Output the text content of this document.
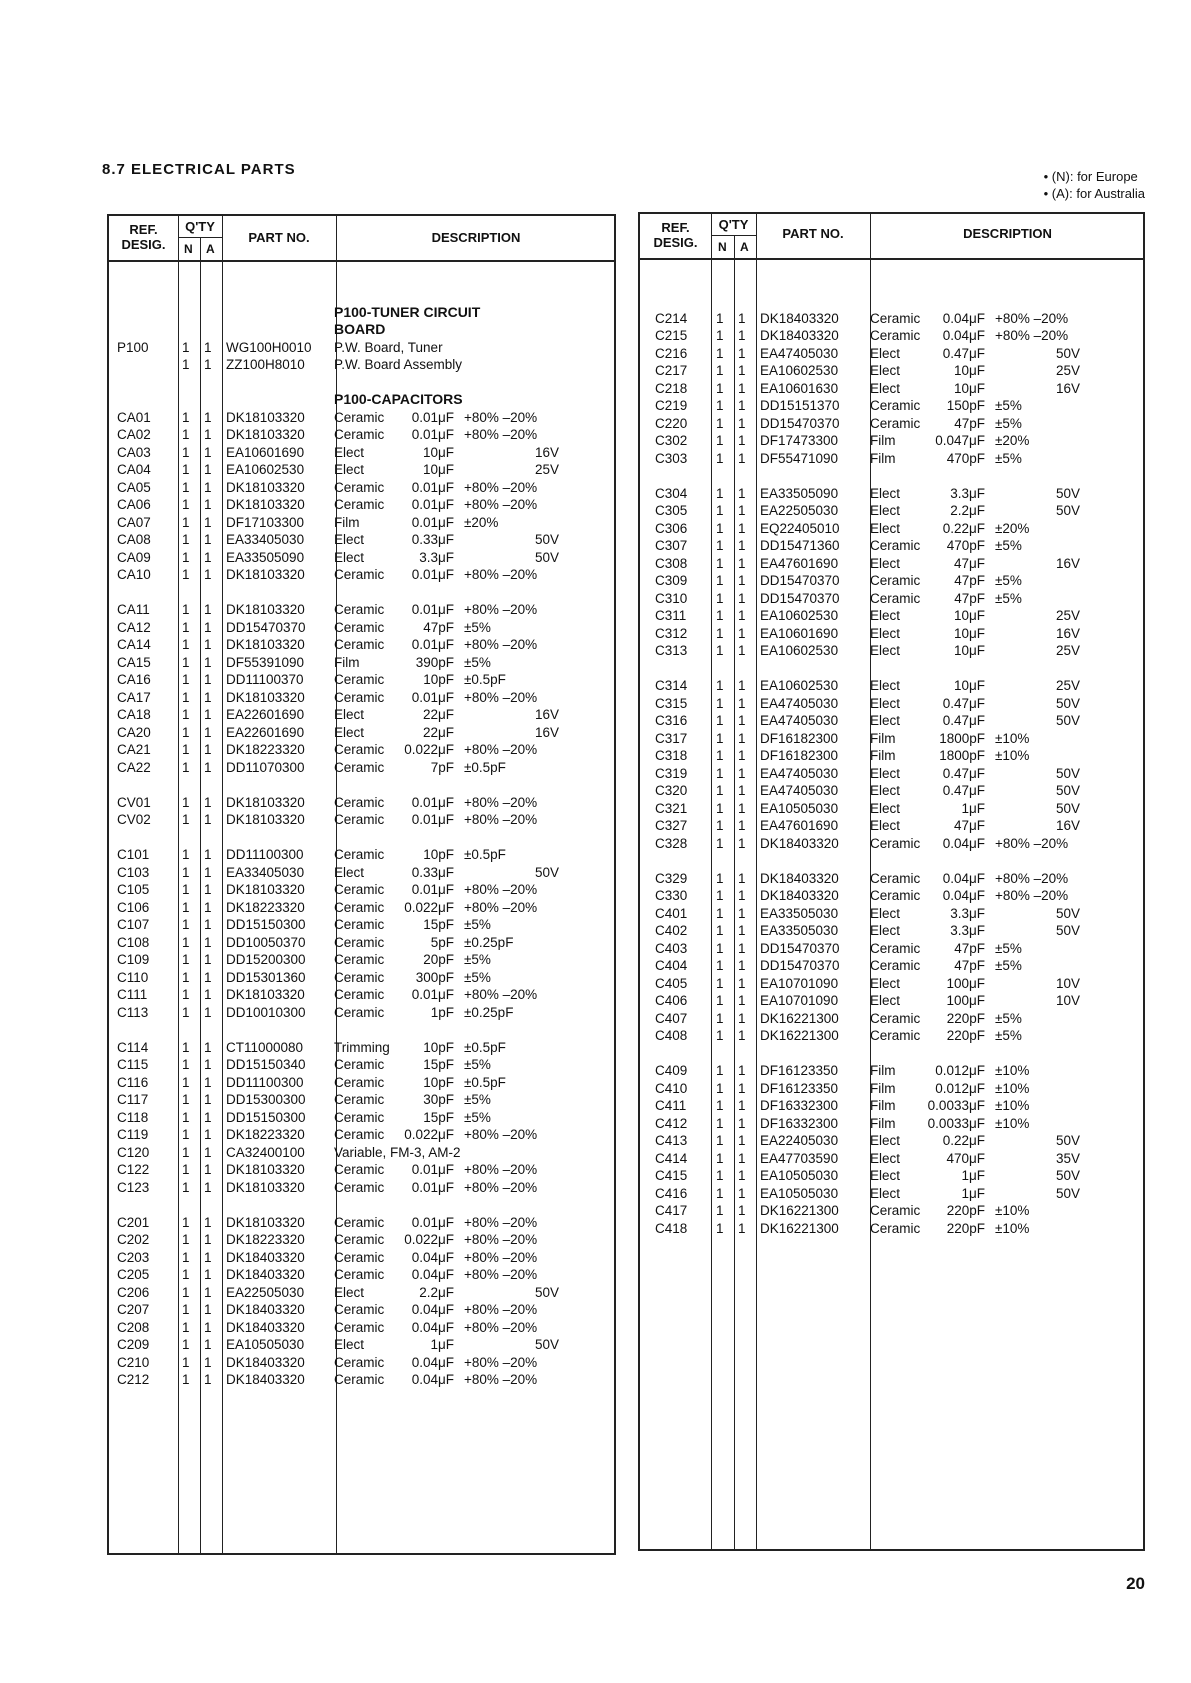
8.7 ELECTRICAL PARTS	• (N): for Europe
• (A): for Australia
REF.
DESIG.
Q'TY
N A
PART NO.	DESCRIPTION
P100-TUNER CIRCUIT
BOARD
P100 1 1 WG100H0010 P.W. Board, Tuner
1 1 ZZ100H8010 P.W. Board Assembly
P100-CAPACITORS
CA01 1 1 DK18103320 Ceramic 0.01μF +80% –20%
CA02 1 1 DK18103320 Ceramic 0.01μF +80% –20%
CA03 1 1 EA10601690 Elect	10μF	16V
CA04 1 1 EA10602530 Elect	10μF	25V
CA05 1 1 DK18103320 Ceramic 0.01μF +80% –20%
CA06 1 1 DK18103320 Ceramic 0.01μF +80% –20%
CA07 1 1 DF17103300 Film	0.01μF ±20%
CA08 1 1 EA33405030 Elect	0.33μF	50V
CA09 1 1 EA33505090 Elect	3.3μF	50V
CA10 1 1 DK18103320 Ceramic 0.01μF +80% –20%
CA11 1 1 DK18103320 Ceramic 0.01μF +80% –20%
CA12 1 1 DD15470370 Ceramic	47pF ±5%
CA14 1 1 DK18103320 Ceramic 0.01μF +80% –20%
CA15 1 1 DF55391090 Film	390pF ±5%
CA16 1 1 DD11100370 Ceramic	10pF ±0.5pF
CA17 1 1 DK18103320 Ceramic 0.01μF +80% –20%
CA18 1 1 EA22601690 Elect	22μF	16V
CA20 1 1 EA22601690 Elect	22μF	16V
CA21 1 1 DK18223320 Ceramic 0.022μF +80% –20%
CA22 1 1 DD11070300 Ceramic	7pF ±0.5pF
CV01 1 1 DK18103320 Ceramic 0.01μF +80% –20%
CV02 1 1 DK18103320 Ceramic 0.01μF +80% –20%
C101 1 1 DD11100300 Ceramic	10pF ±0.5pF
C103 1 1 EA33405030 Elect	0.33μF	50V
C105 1 1 DK18103320 Ceramic 0.01μF +80% –20%
C106 1 1 DK18223320 Ceramic 0.022μF +80% –20%
C107 1 1 DD15150300 Ceramic	15pF ±5%
C108 1 1 DD10050370 Ceramic	5pF ±0.25pF
C109 1 1 DD15200300 Ceramic	20pF ±5%
C110 1 1 DD15301360 Ceramic 300pF ±5%
C111	1 1 DK18103320 Ceramic 0.01μF +80% –20%
C113 1 1 DD10010300 Ceramic	1pF ±0.25pF
C114 1 1 CT11000080 Trimming 10pF ±0.5pF
C115 1 1 DD15150340 Ceramic	15pF ±5%
C116 1 1 DD11100300 Ceramic	10pF ±0.5pF
C117 1 1 DD15300300 Ceramic	30pF ±5%
C118 1 1 DD15150300 Ceramic	15pF ±5%
C119 1 1 DK18223320 Ceramic 0.022μF +80% –20%
C120 1 1 CA32400100 Variable, FM-3, AM-2
C122 1 1 DK18103320 Ceramic 0.01μF +80% –20%
C123 1 1 DK18103320 Ceramic 0.01μF +80% –20%
C201 1 1 DK18103320 Ceramic 0.01μF +80% –20%
C202 1 1 DK18223320 Ceramic 0.022μF +80% –20%
C203 1 1 DK18403320 Ceramic 0.04μF +80% –20%
C205 1 1 DK18403320 Ceramic 0.04μF +80% –20%
C206 1 1 EA22505030 Elect	2.2μF	50V
C207 1 1 DK18403320 Ceramic 0.04μF +80% –20%
C208 1 1 DK18403320 Ceramic 0.04μF +80% –20%
C209 1 1 EA10505030 Elect	1μF	50V
C210 1 1 DK18403320 Ceramic 0.04μF +80% –20%
C212 1 1 DK18403320 Ceramic 0.04μF +80% –20%
REF.
DESIG.
Q'TY
N A
PART NO.	DESCRIPTION
C214 1 1 DK18403320 Ceramic 0.04μF +80% –20%
C215 1 1 DK18403320 Ceramic 0.04μF +80% –20%
C216 1 1 EA47405030 Elect	0.47μF	50V
C217 1 1 EA10602530 Elect	10μF	25V
C218 1 1 EA10601630 Elect	10μF	16V
C219 1 1 DD15151370 Ceramic 150pF ±5%
C220 1 1 DD15470370 Ceramic	47pF ±5%
C302 1 1 DF17473300 Film	0.047μF ±20%
C303 1 1 DF55471090 Film	470pF ±5%
C304 1 1 EA33505090 Elect	3.3μF	50V
C305 1 1 EA22505030 Elect	2.2μF	50V
C306 1 1 EQ22405010 Elect	0.22μF ±20%
C307 1 1 DD15471360 Ceramic 470pF ±5%
C308 1 1 EA47601690 Elect	47μF	16V
C309 1 1 DD15470370 Ceramic	47pF ±5%
C310 1 1 DD15470370 Ceramic	47pF ±5%
C311 1 1 EA10602530 Elect	10μF	25V
C312 1 1 EA10601690 Elect	10μF	16V
C313 1 1 EA10602530 Elect	10μF	25V
C314 1 1 EA10602530 Elect	10μF	25V
C315 1 1 EA47405030 Elect	0.47μF	50V
C316 1 1 EA47405030 Elect	0.47μF	50V
C317 1 1 DF16182300 Film	1800pF ±10%
C318 1 1 DF16182300 Film	1800pF ±10%
C319 1 1 EA47405030 Elect	0.47μF	50V
C320 1 1 EA47405030 Elect	0.47μF	50V
C321 1 1 EA10505030 Elect	1μF	50V
C327 1 1 EA47601690 Elect	47μF	16V
C328 1 1 DK18403320 Ceramic 0.04μF +80% –20%
C329 1 1 DK18403320 Ceramic 0.04μF +80% –20%
C330 1 1 DK18403320 Ceramic 0.04μF +80% –20%
C401 1 1 EA33505030 Elect	3.3μF	50V
C402 1 1 EA33505030 Elect	3.3μF	50V
C403 1 1 DD15470370 Ceramic	47pF ±5%
C404 1 1 DD15470370 Ceramic	47pF ±5%
C405 1 1 EA10701090 Elect	100μF	10V
C406 1 1 EA10701090 Elect	100μF	10V
C407 1 1 DK16221300 Ceramic 220pF ±5%
C408 1 1 DK16221300 Ceramic 220pF ±5%
C409 1 1 DF16123350 Film	0.012μF ±10%
C410 1 1 DF16123350 Film	0.012μF ±10%
C411 1 1 DF16332300 Film 0.0033μF ±10%
C412 1 1 DF16332300 Film 0.0033μF ±10%
C413 1 1 EA22405030 Elect	0.22μF	50V
C414 1 1 EA47703590 Elect	470μF	35V
C415 1 1 EA10505030 Elect	1μF	50V
C416 1 1 EA10505030 Elect	1μF	50V
C417 1 1 DK16221300 Ceramic 220pF ±10%
C418 1 1 DK16221300 Ceramic 220pF ±10%
20
